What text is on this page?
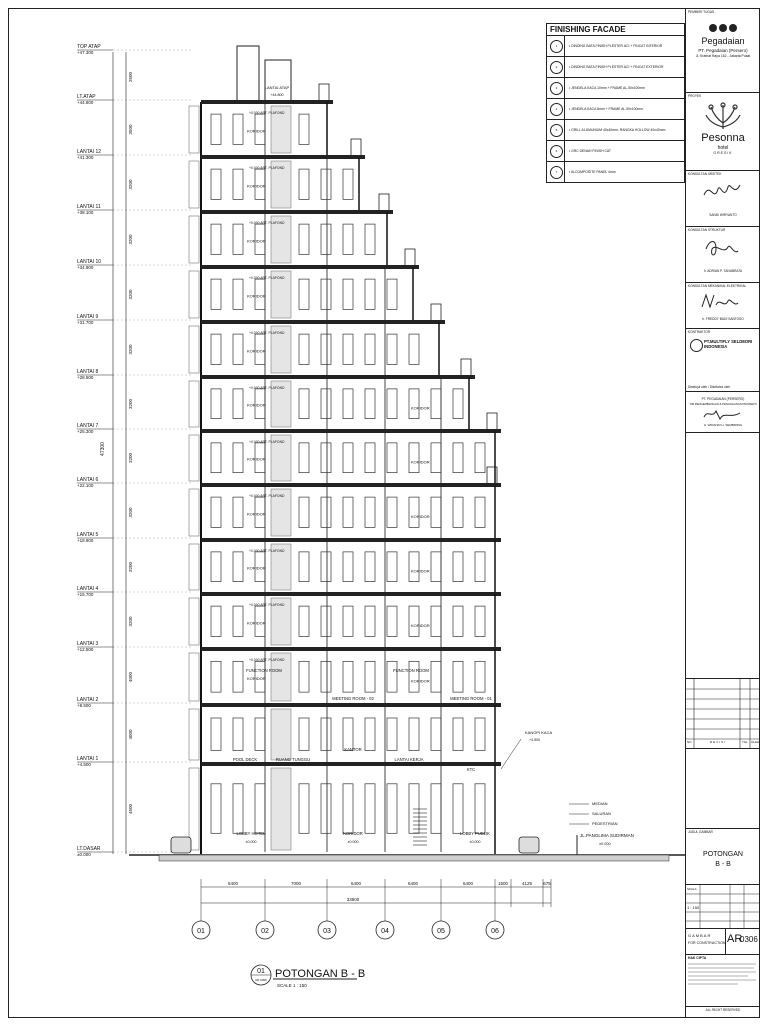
TOP ATAP
+47.300
LT.ATAP
+44.800
LANTAI 12
+41.300
LANTAI 11
+38.100
LANTAI 10
+34.900
LANTAI 9
+31.700
LANTAI 8
+28.500
LANTAI 7
+25.300
LANTAI 6
+22.100
LANTAI 5
+18.900
LANTAI 4
+15.700
LANTAI 3
+12.500
LANTAI 2
+8.500
LANTAI 1
+4.500
LT.DASAR
±0.000
2500
3500
3200
3200
3200
3200
3200
3200
3200
3200
3200
4000
4000
4500
47300
+0.000 ART. PLAFOND
KORIDOR
+0.000 ART. PLAFOND
KORIDOR
+0.000 ART. PLAFOND
KORIDOR
+0.000 ART. PLAFOND
KORIDOR
+0.000 ART. PLAFOND
KORIDOR
+0.000 ART. PLAFOND
KORIDOR
KORIDOR
+0.000 ART. PLAFOND
KORIDOR
KORIDOR
+0.000 ART. PLAFOND
KORIDOR
KORIDOR
+0.000 ART. PLAFOND
KORIDOR
KORIDOR
+0.000 ART. PLAFOND
KORIDOR
KORIDOR
+0.000 ART. PLAFOND
KORIDOR
KORIDOR
LANTAI ATAP
+44.800
FUNCTION ROOM
MEETING ROOM - 02
FUNCTION ROOM
MEETING ROOM - 01
POOL DECK	RUANG TUNGGU
KANTOR
LANTAI KERJA
KTC
LOBBY HOTEL
±0.000
KORIDOR
±0.000
LOBBY PUBLIK
±0.000
KANOPI KACA
+4.500
MEDIAN
SALURAN
PEDESTRIAN
JL.PANGLIMA SUDIRMAN
±0.000
6400	7000	6400	6400	6400	1500	4125 675
33500
01	02	03	04	05	06
01
AR 0306 POTONGAN B - B
SCALE 1 : 150
FINISHING FACADE
1	• DINDING BATA FINISH PLESTER ACI + FINCAT INTERIOR
2	• DINDING BATA FINISH PLESTER ACI + FINCAT EXTERIOR
3	• JENDELA KACA 10mm + FRAME AL.50x100mm
4	• JENDELA KACA 8mm + FRAME AL.50x100mm
5	• GRILL ALUMUNIUM 40x40mm, RANGKA HOLLOW 40x40mm
6	• GRC DENAH FINISH CAT
7	• ALCOMPOSITE PANEL 4mm
PEMBERI TUGAS
Pegadaian
PT. Pegadaian (Persero)
Jl. Kramat Raya 162 - Jakarta Pusat
PROYEK
Pesonna
hotel
GRESIK
KONSULTAN ARSITEK
SANDI WIRYANTO
KONSULTAN STRUKTUR
Ir. ADRIAN P. TANUBRATA
KONSULTAN MEKANIKAL ELEKTRIKAL
Ir. FREDDY BUDI SANTOSO
KONTRAKTOR
PT.MULTIFLY SELDEDRI INDONESIA
Disetujui oleh / Diketahui oleh
PT. PEGADAIAN (PERSERO)
TIM PENGEMBANGAN & PENANGANAN PROPERTI
H. WIRANDI H. SEMBIRING
NO	REVISI	TGL OLEH
JUDUL GAMBAR
POTONGAN
B - B
SKALA
1 : 150
GAMBAR
FOR CONSTRUCTION AR
0306
HAK CIPTA
ALL RIGHT RESERVED
